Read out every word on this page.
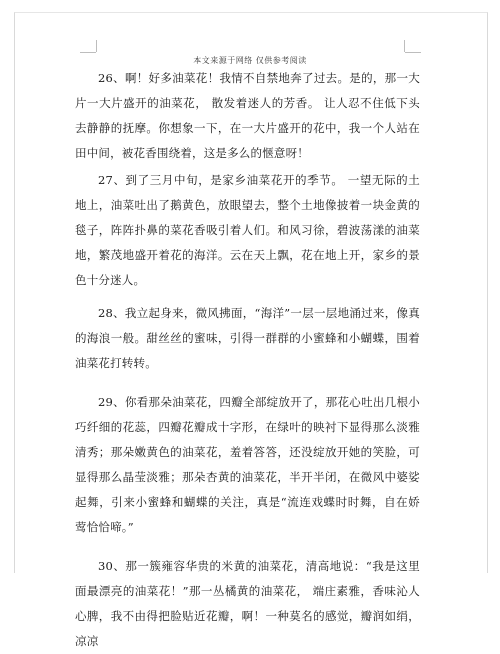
本文来源于网络 仅供参考阅读

26、啊！好多油菜花！我情不自禁地奔了过去。是的，那一大片一大片盛开的油菜花， 散发着迷人的芳香。 让人忍不住低下头去静静的抚摩。你想象一下，在一大片盛开的花中，我一个人站在田中间，被花香围绕着，这是多么的惬意呀！

27、到了三月中旬，是家乡油菜花开的季节。 一望无际的土地上，油菜吐出了鹅黄色，放眼望去，整个土地像披着一块金黄的毯子，阵阵扑鼻的菜花香吸引着人们。和风习徐，碧波荡漾的油菜地，繁茂地盛开着花的海洋。云在天上飘，花在地上开，家乡的景色十分迷人。

28、我立起身来，微风拂面，“海洋”一层一层地涌过来，像真的海浪一般。甜丝丝的蜜味，引得一群群的小蜜蜂和小蝴蝶，围着油菜花打转转。

29、你看那朵油菜花，四瓣全部绽放开了，那花心吐出几根小巧纤细的花蕊，四瓣花瓣成十字形，在绿叶的映衬下显得那么淡雅清秀；那朵嫩黄色的油菜花，羞着答答，还没绽放开她的笑脸，可显得那么晶莹淡雅；那朵杏黄的油菜花，半开半闭，在微风中婆娑起舞，引来小蜜蜂和蝴蝶的关注，真是“流连戏蝶时时舞，自在娇莺恰恰啼。”

30、那一簇雍容华贵的米黄的油菜花，清高地说：“我是这里面最漂亮的油菜花！”那一丛橘黄的油菜花， 端庄素雅，香味沁人心脾，我不由得把脸贴近花瓣，啊！一种莫名的感觉，瓣润如绢，凉凉
